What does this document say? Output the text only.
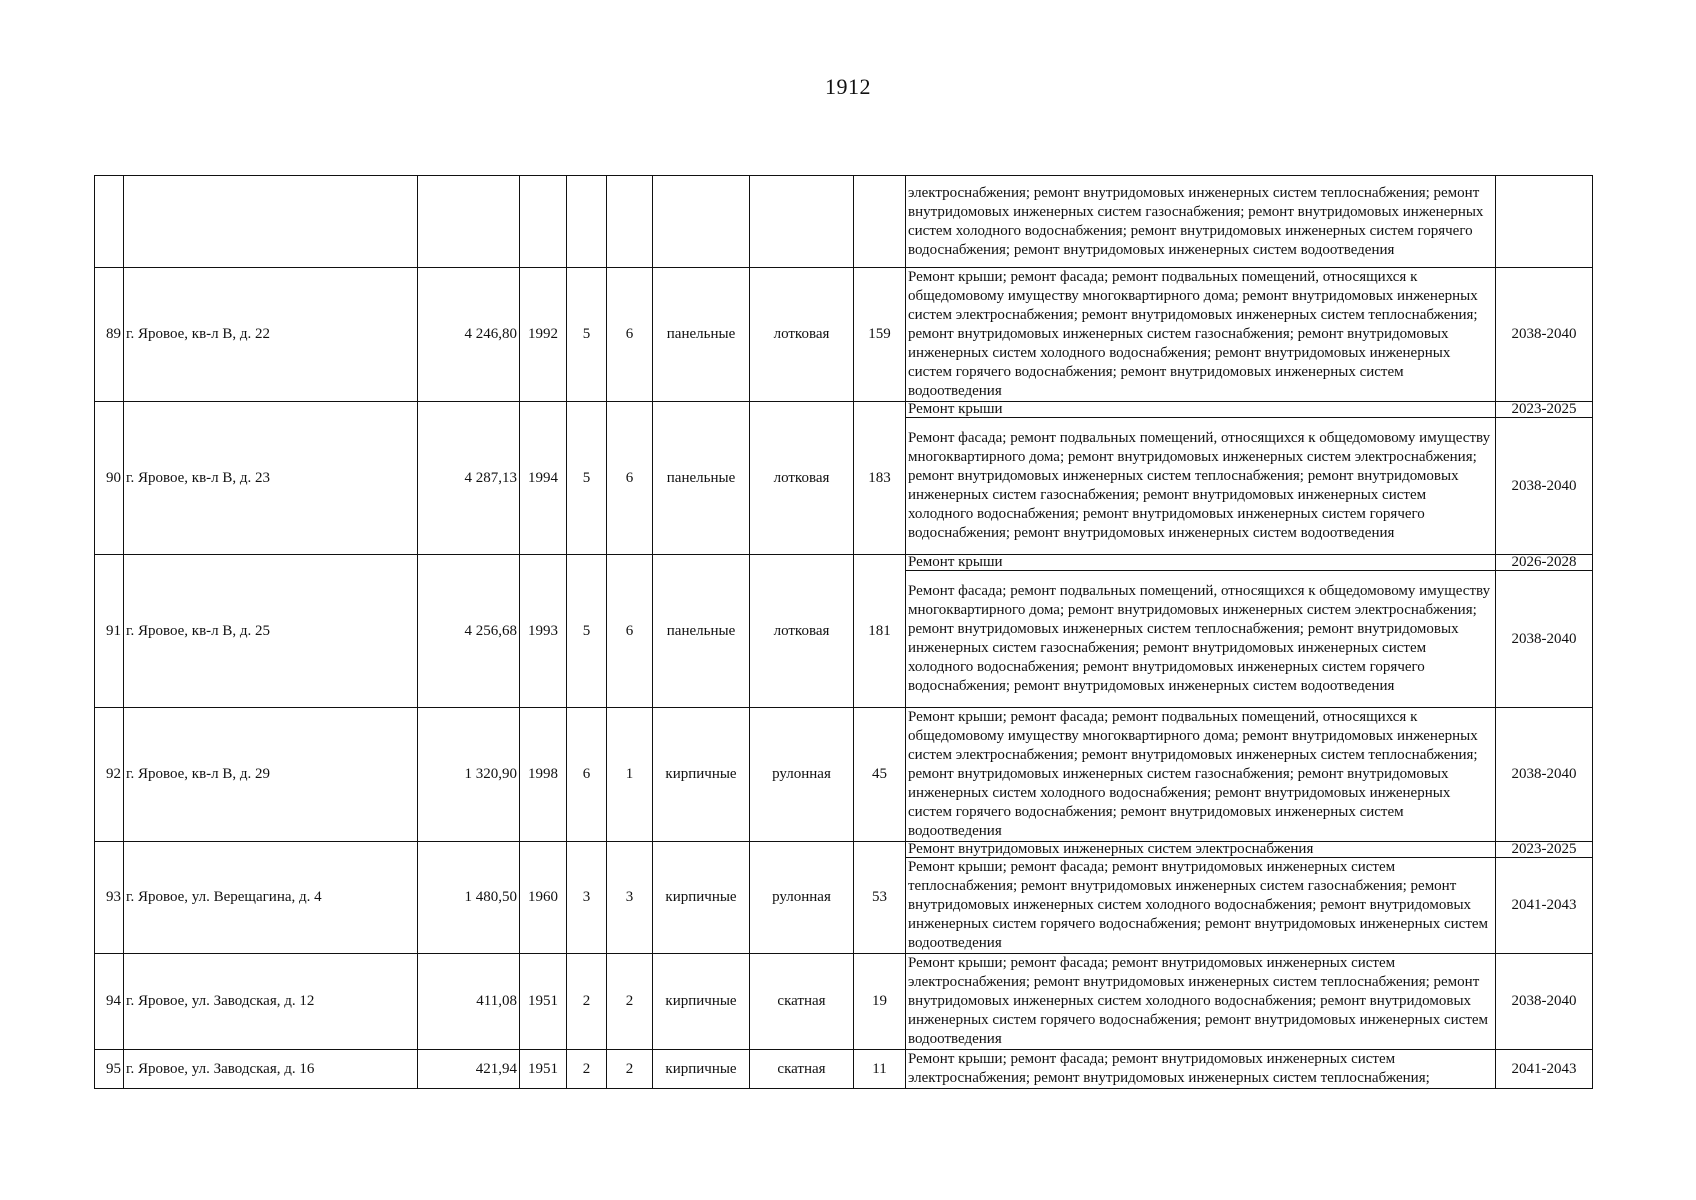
1912
									электроснабжения; ремонт внутридомовых инженерных систем теплоснабжения; ремонт внутридомовых инженерных систем газоснабжения; ремонт внутридомовых инженерных систем холодного водоснабжения; ремонт внутридомовых инженерных систем горячего водоснабжения; ремонт внутридомовых инженерных систем водоотведения	
89	г. Яровое, кв-л В, д. 22	4 246,80	1992	5	6	панельные	лотковая	159	Ремонт крыши; ремонт фасада; ремонт подвальных помещений, относящихся к общедомовому имуществу многоквартирного дома; ремонт внутридомовых инженерных систем электроснабжения; ремонт внутридомовых инженерных систем теплоснабжения; ремонт внутридомовых инженерных систем газоснабжения; ремонт внутридомовых инженерных систем холодного водоснабжения; ремонт внутридомовых инженерных систем горячего водоснабжения; ремонт внутридомовых инженерных систем водоотведения	2038-2040
90	г. Яровое, кв-л В, д. 23	4 287,13	1994	5	6	панельные	лотковая	183	Ремонт крыши	2023-2025
									Ремонт фасада; ремонт подвальных помещений, относящихся к общедомовому имуществу многоквартирного дома; ремонт внутридомовых инженерных систем электроснабжения; ремонт внутридомовых инженерных систем теплоснабжения; ремонт внутридомовых инженерных систем газоснабжения; ремонт внутридомовых инженерных систем холодного водоснабжения; ремонт внутридомовых инженерных систем горячего водоснабжения; ремонт внутридомовых инженерных систем водоотведения	2038-2040
91	г. Яровое, кв-л В, д. 25	4 256,68	1993	5	6	панельные	лотковая	181	Ремонт крыши	2026-2028
									Ремонт фасада; ремонт подвальных помещений, относящихся к общедомовому имуществу многоквартирного дома; ремонт внутридомовых инженерных систем электроснабжения; ремонт внутридомовых инженерных систем теплоснабжения; ремонт внутридомовых инженерных систем газоснабжения; ремонт внутридомовых инженерных систем холодного водоснабжения; ремонт внутридомовых инженерных систем горячего водоснабжения; ремонт внутридомовых инженерных систем водоотведения	2038-2040
92	г. Яровое, кв-л В, д. 29	1 320,90	1998	6	1	кирпичные	рулонная	45	Ремонт крыши; ремонт фасада; ремонт подвальных помещений, относящихся к общедомовому имуществу многоквартирного дома; ремонт внутридомовых инженерных систем электроснабжения; ремонт внутридомовых инженерных систем теплоснабжения; ремонт внутридомовых инженерных систем газоснабжения; ремонт внутридомовых инженерных систем холодного водоснабжения; ремонт внутридомовых инженерных систем горячего водоснабжения; ремонт внутридомовых инженерных систем водоотведения	2038-2040
93	г. Яровое, ул. Верещагина, д. 4	1 480,50	1960	3	3	кирпичные	рулонная	53	Ремонт внутридомовых инженерных систем электроснабжения	2023-2025
									Ремонт крыши; ремонт фасада; ремонт внутридомовых инженерных систем теплоснабжения; ремонт внутридомовых инженерных систем газоснабжения; ремонт внутридомовых инженерных систем холодного водоснабжения; ремонт внутридомовых инженерных систем горячего водоснабжения; ремонт внутридомовых инженерных систем водоотведения	2041-2043
94	г. Яровое, ул. Заводская, д. 12	411,08	1951	2	2	кирпичные	скатная	19	Ремонт крыши; ремонт фасада; ремонт внутридомовых инженерных систем электроснабжения; ремонт внутридомовых инженерных систем теплоснабжения; ремонт внутридомовых инженерных систем холодного водоснабжения; ремонт внутридомовых инженерных систем горячего водоснабжения; ремонт внутридомовых инженерных систем водоотведения	2038-2040
95	г. Яровое, ул. Заводская, д. 16	421,94	1951	2	2	кирпичные	скатная	11	Ремонт крыши; ремонт фасада; ремонт внутридомовых инженерных систем электроснабжения; ремонт внутридомовых инженерных систем теплоснабжения;	2041-2043
